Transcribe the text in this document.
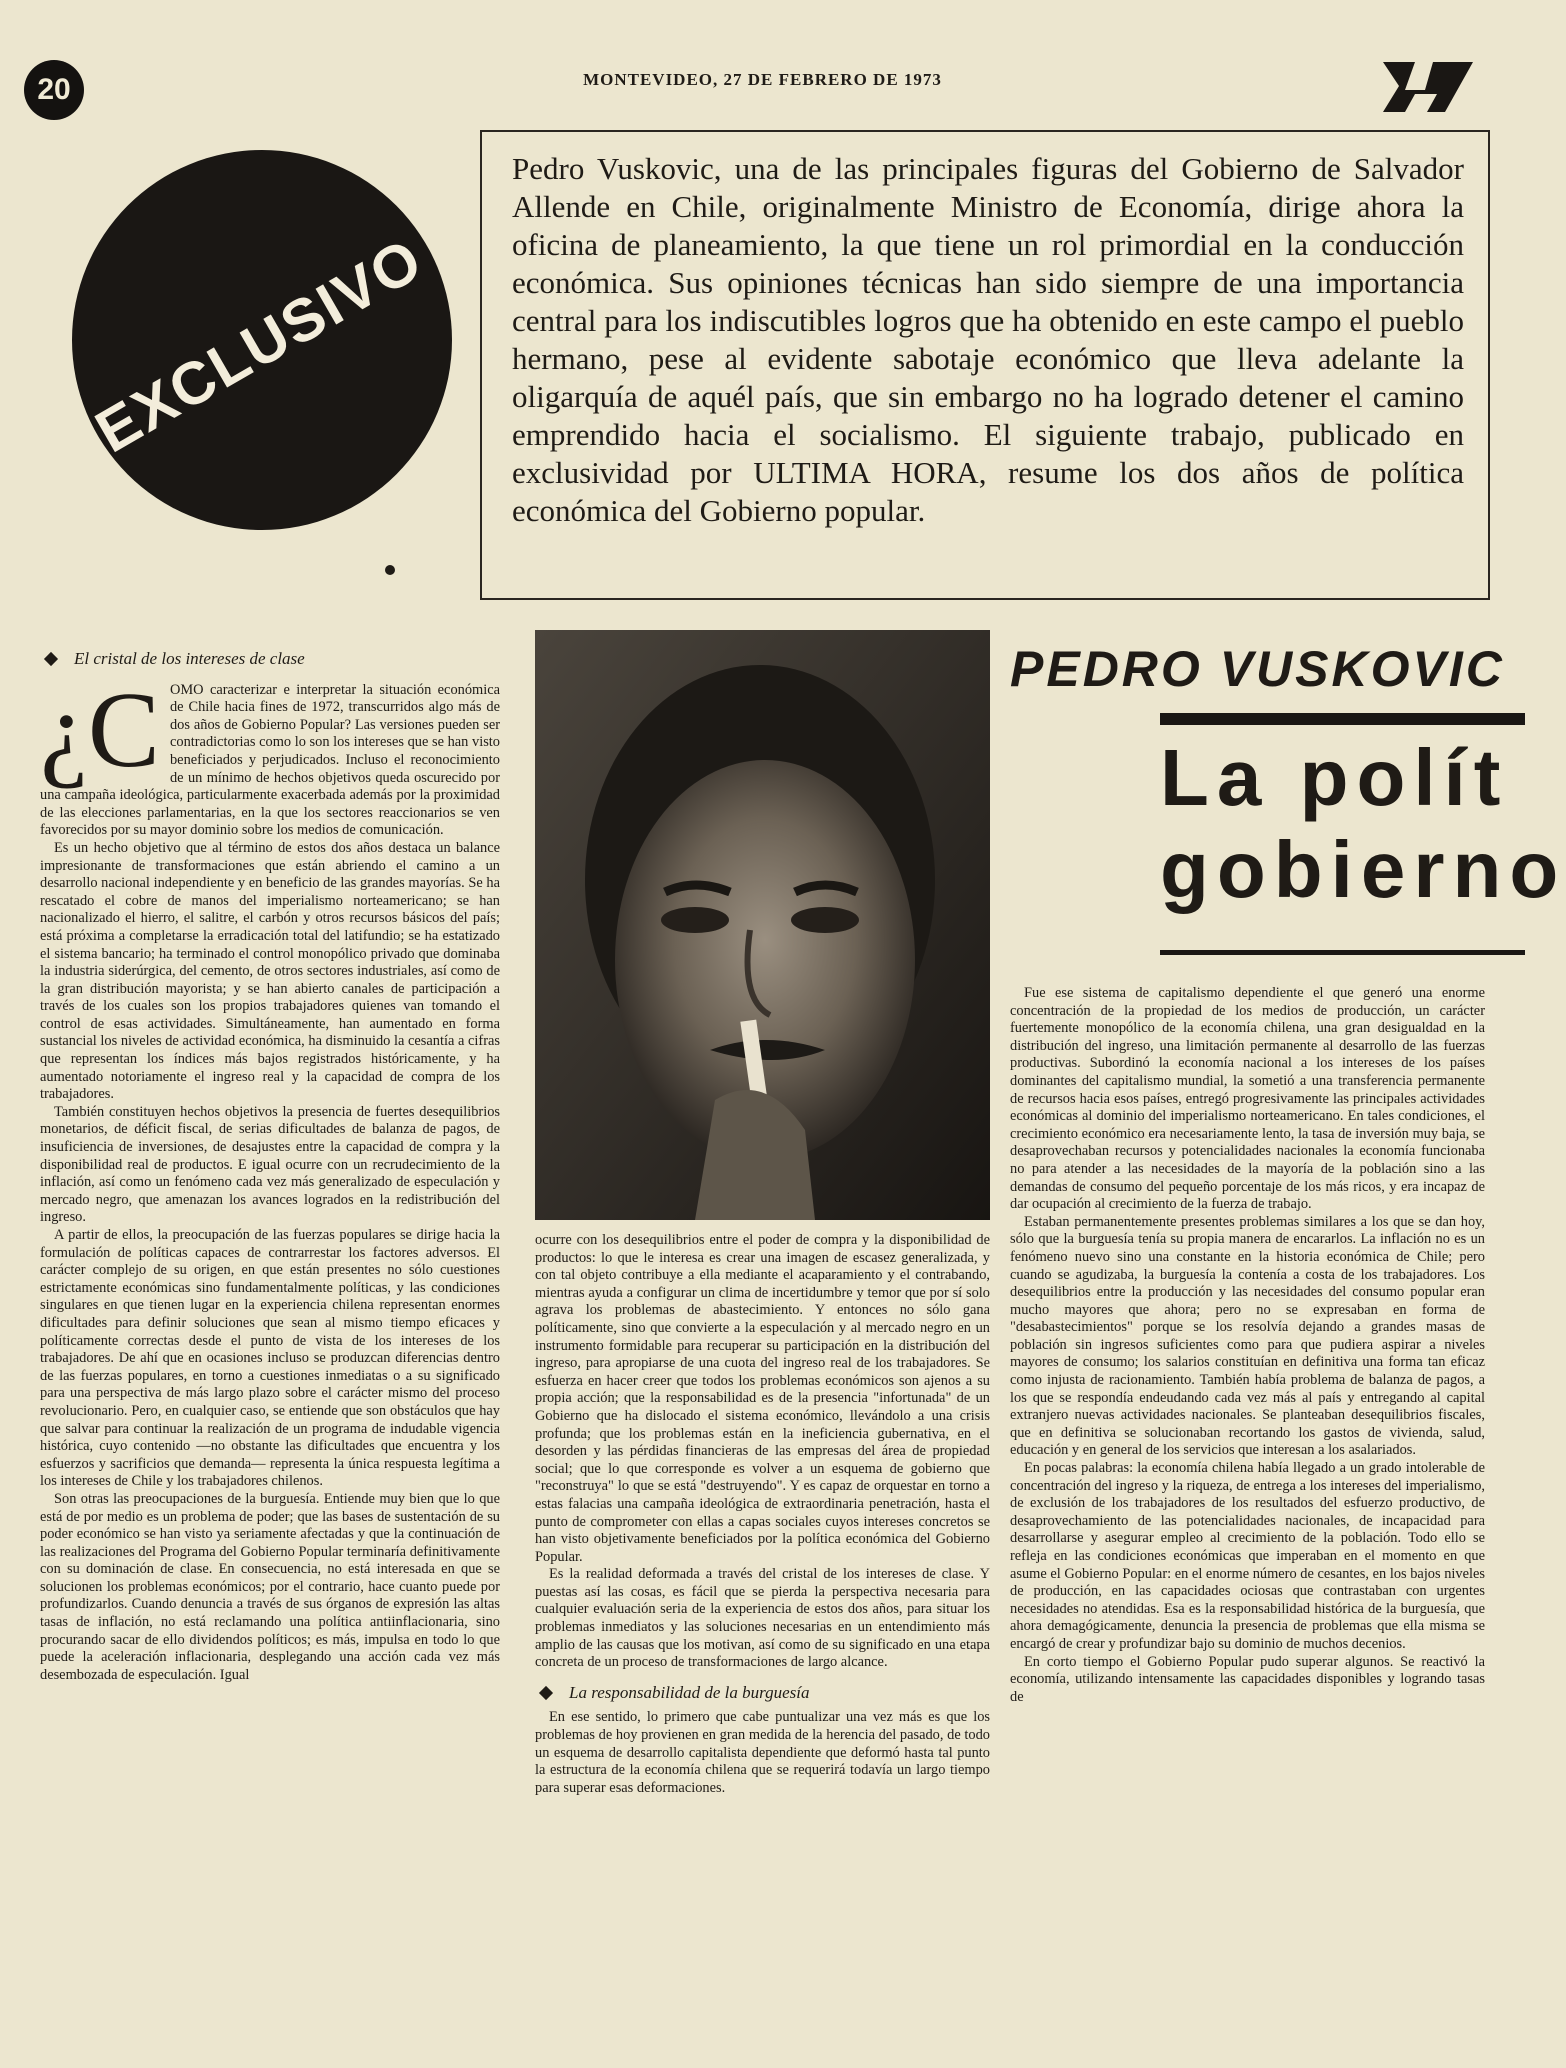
20	MONTEVIDEO, 27 DE FEBRERO DE 1973
EXCLUSIVO
Pedro Vuskovic, una de las principales figuras del Gobierno de Salvador Allende en Chile, originalmente Ministro de Economía, dirige ahora la oficina de planeamiento, la que tiene un rol primordial en la conducción económica. Sus opiniones técnicas han sido siempre de una importancia central para los indiscutibles logros que ha obtenido en este campo el pueblo hermano, pese al evidente sabotaje económico que lleva adelante la oligarquía de aquél país, que sin embargo no ha logrado detener el camino emprendido hacia el socialismo. El siguiente trabajo, publicado en exclusividad por ULTIMA HORA, resume los dos años de política económica del Gobierno popular.
El cristal de los intereses de clase
¿C OMO caracterizar e interpretar la situación económica de Chile hacia fines de 1972, transcurridos algo más de dos años de Gobierno Popular? Las versiones pueden ser contradictorias como lo son los intereses que se han visto beneficiados y perjudicados. Incluso el reconocimiento de un mínimo de hechos objetivos queda oscurecido por una campaña ideológica, particularmente exacerbada además por la proximidad de las elecciones parlamentarias, en la que los sectores reaccionarios se ven favorecidos por su mayor dominio sobre los medios de comunicación.

Es un hecho objetivo que al término de estos dos años destaca un balance impresionante de transformaciones que están abriendo el camino a un desarrollo nacional independiente y en beneficio de las grandes mayorías. Se ha rescatado el cobre de manos del imperialismo norteamericano; se han nacionalizado el hierro, el salitre, el carbón y otros recursos básicos del país; está próxima a completarse la erradicación total del latifundio; se ha estatizado el sistema bancario; ha terminado el control monopólico privado que dominaba la industria siderúrgica, del cemento, de otros sectores industriales, así como de la gran distribución mayorista; y se han abierto canales de participación a través de los cuales son los propios trabajadores quienes van tomando el control de esas actividades. Simultáneamente, han aumentado en forma sustancial los niveles de actividad económica, ha disminuido la cesantía a cifras que representan los índices más bajos registrados históricamente, y ha aumentado notoriamente el ingreso real y la capacidad de compra de los trabajadores.

También constituyen hechos objetivos la presencia de fuertes desequilibrios monetarios, de déficit fiscal, de serias dificultades de balanza de pagos, de insuficiencia de inversiones, de desajustes entre la capacidad de compra y la disponibilidad real de productos. E igual ocurre con un recrudecimiento de la inflación, así como un fenómeno cada vez más generalizado de especulación y mercado negro, que amenazan los avances logrados en la redistribución del ingreso.

A partir de ellos, la preocupación de las fuerzas populares se dirige hacia la formulación de políticas capaces de contrarrestar los factores adversos. El carácter complejo de su origen, en que están presentes no sólo cuestiones estrictamente económicas sino fundamentalmente políticas, y las condiciones singulares en que tienen lugar en la experiencia chilena representan enormes dificultades para definir soluciones que sean al mismo tiempo eficaces y políticamente correctas desde el punto de vista de los intereses de los trabajadores. De ahí que en ocasiones incluso se produzcan diferencias dentro de las fuerzas populares, en torno a cuestiones inmediatas o a su significado para una perspectiva de más largo plazo sobre el carácter mismo del proceso revolucionario. Pero, en cualquier caso, se entiende que son obstáculos que hay que salvar para continuar la realización de un programa de indudable vigencia histórica, cuyo contenido —no obstante las dificultades que encuentra y los esfuerzos y sacrificios que demanda— representa la única respuesta legítima a los intereses de Chile y los trabajadores chilenos.

Son otras las preocupaciones de la burguesía. Entiende muy bien que lo que está de por medio es un problema de poder; que las bases de sustentación de su poder económico se han visto ya seriamente afectadas y que la continuación de las realizaciones del Programa del Gobierno Popular terminaría definitivamente con su dominación de clase. En consecuencia, no está interesada en que se solucionen los problemas económicos; por el contrario, hace cuanto puede por profundizarlos. Cuando denuncia a través de sus órganos de expresión las altas tasas de inflación, no está reclamando una política antiinflacionaria, sino procurando sacar de ello dividendos políticos; es más, impulsa en todo lo que puede la aceleración inflacionaria, desplegando una acción cada vez más desembozada de especulación. Igual

ocurre con los desequilibrios entre el poder de compra y la disponibilidad de productos: lo que le interesa es crear una imagen de escasez generalizada, y con tal objeto contribuye a ella mediante el acaparamiento y el contrabando, mientras ayuda a configurar un clima de incertidumbre y temor que por sí solo agrava los problemas de abastecimiento. Y entonces no sólo gana políticamente, sino que convierte a la especulación y al mercado negro en un instrumento formidable para recuperar su participación en la distribución del ingreso, para apropiarse de una cuota del ingreso real de los trabajadores. Se esfuerza en hacer creer que todos los problemas económicos son ajenos a su propia acción; que la responsabilidad es de la presencia "infortunada" de un Gobierno que ha dislocado el sistema económico, llevándolo a una crisis profunda; que los problemas están en la ineficiencia gubernativa, en el desorden y las pérdidas financieras de las empresas del área de propiedad social; que lo que corresponde es volver a un esquema de gobierno que "reconstruya" lo que se está "destruyendo". Y es capaz de orquestar en torno a estas falacias una campaña ideológica de extraordinaria penetración, hasta el punto de comprometer con ellas a capas sociales cuyos intereses concretos se han visto objetivamente beneficiados por la política económica del Gobierno Popular.

Es la realidad deformada a través del cristal de los intereses de clase. Y puestas así las cosas, es fácil que se pierda la perspectiva necesaria para cualquier evaluación seria de la experiencia de estos dos años, para situar los problemas inmediatos y las soluciones necesarias en un entendimiento más amplio de las causas que los motivan, así como de su significado en una etapa concreta de un proceso de transformaciones de largo alcance.

La responsabilidad de la burguesía

En ese sentido, lo primero que cabe puntualizar una vez más es que los problemas de hoy provienen en gran medida de la herencia del pasado, de todo un esquema de desarrollo capitalista dependiente que deformó hasta tal punto la estructura de la economía chilena que se requerirá todavía un largo tiempo para superar esas deformaciones.

PEDRO VUSKOVIC
La polít
gobierno

Fue ese sistema de capitalismo dependiente el que generó una enorme concentración de la propiedad de los medios de producción, un carácter fuertemente monopólico de la economía chilena, una gran desigualdad en la distribución del ingreso, una limitación permanente al desarrollo de las fuerzas productivas. Subordinó la economía nacional a los intereses de los países dominantes del capitalismo mundial, la sometió a una transferencia permanente de recursos hacia esos países, entregó progresivamente las principales actividades económicas al dominio del imperialismo norteamericano. En tales condiciones, el crecimiento económico era necesariamente lento, la tasa de inversión muy baja, se desaprovechaban recursos y potencialidades nacionales la economía funcionaba no para atender a las necesidades de la mayoría de la población sino a las demandas de consumo del pequeño porcentaje de los más ricos, y era incapaz de dar ocupación al crecimiento de la fuerza de trabajo.

Estaban permanentemente presentes problemas similares a los que se dan hoy, sólo que la burguesía tenía su propia manera de encararlos. La inflación no es un fenómeno nuevo sino una constante en la historia económica de Chile; pero cuando se agudizaba, la burguesía la contenía a costa de los trabajadores. Los desequilibrios entre la producción y las necesidades del consumo popular eran mucho mayores que ahora; pero no se expresaban en forma de "desabastecimientos" porque se los resolvía dejando a grandes masas de población sin ingresos suficientes como para que pudiera aspirar a niveles mayores de consumo; los salarios constituían en definitiva una forma tan eficaz como injusta de racionamiento. También había problema de balanza de pagos, a los que se respondía endeudando cada vez más al país y entregando al capital extranjero nuevas actividades nacionales. Se planteaban desequilibrios fiscales, que en definitiva se solucionaban recortando los gastos de vivienda, salud, educación y en general de los servicios que interesan a los asalariados.

En pocas palabras: la economía chilena había llegado a un grado intolerable de concentración del ingreso y la riqueza, de entrega a los intereses del imperialismo, de exclusión de los trabajadores de los resultados del esfuerzo productivo, de desaprovechamiento de las potencialidades nacionales, de incapacidad para desarrollarse y asegurar empleo al crecimiento de la población. Todo ello se refleja en las condiciones económicas que imperaban en el momento en que asume el Gobierno Popular: en el enorme número de cesantes, en los bajos niveles de producción, en las capacidades ociosas que contrastaban con urgentes necesidades no atendidas. Esa es la responsabilidad histórica de la burguesía, que ahora demagógicamente, denuncia la presencia de problemas que ella misma se encargó de crear y profundizar bajo su dominio de muchos decenios.

En corto tiempo el Gobierno Popular pudo superar algunos. Se reactivó la economía, utilizando intensamente las capacidades disponibles y logrando tasas de
